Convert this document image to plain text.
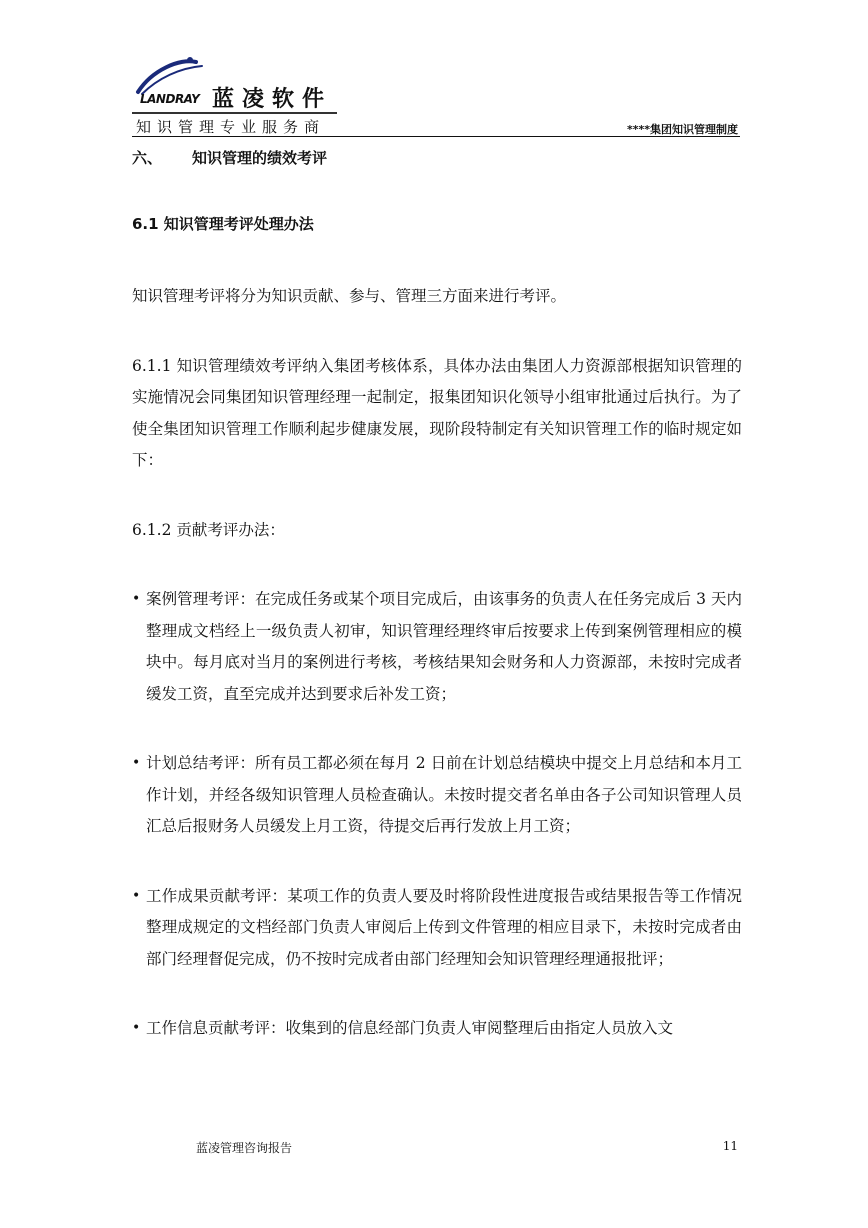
LANDRAY 蓝凌软件
知识管理专业服务商	****集团知识管理制度
六、 知识管理的绩效考评
6.1 知识管理考评处理办法
知识管理考评将分为知识贡献、参与、管理三方面来进行考评。
6.1.1 知识管理绩效考评纳入集团考核体系，具体办法由集团人力资源部根据知识管理的实施情况会同集团知识管理经理一起制定，报集团知识化领导小组审批通过后执行。为了使全集团知识管理工作顺利起步健康发展，现阶段特制定有关知识管理工作的临时规定如下：
6.1.2 贡献考评办法：
• 案例管理考评：在完成任务或某个项目完成后，由该事务的负责人在任务完成后 3 天内整理成文档经上一级负责人初审，知识管理经理终审后按要求上传到案例管理相应的模块中。每月底对当月的案例进行考核，考核结果知会财务和人力资源部，未按时完成者缓发工资，直至完成并达到要求后补发工资；
• 计划总结考评：所有员工都必须在每月 2 日前在计划总结模块中提交上月总结和本月工作计划，并经各级知识管理人员检查确认。未按时提交者名单由各子公司知识管理人员汇总后报财务人员缓发上月工资，待提交后再行发放上月工资；
• 工作成果贡献考评：某项工作的负责人要及时将阶段性进度报告或结果报告等工作情况整理成规定的文档经部门负责人审阅后上传到文件管理的相应目录下，未按时完成者由部门经理督促完成，仍不按时完成者由部门经理知会知识管理经理通报批评；
• 工作信息贡献考评：收集到的信息经部门负责人审阅整理后由指定人员放入文
蓝凌管理咨询报告	11
